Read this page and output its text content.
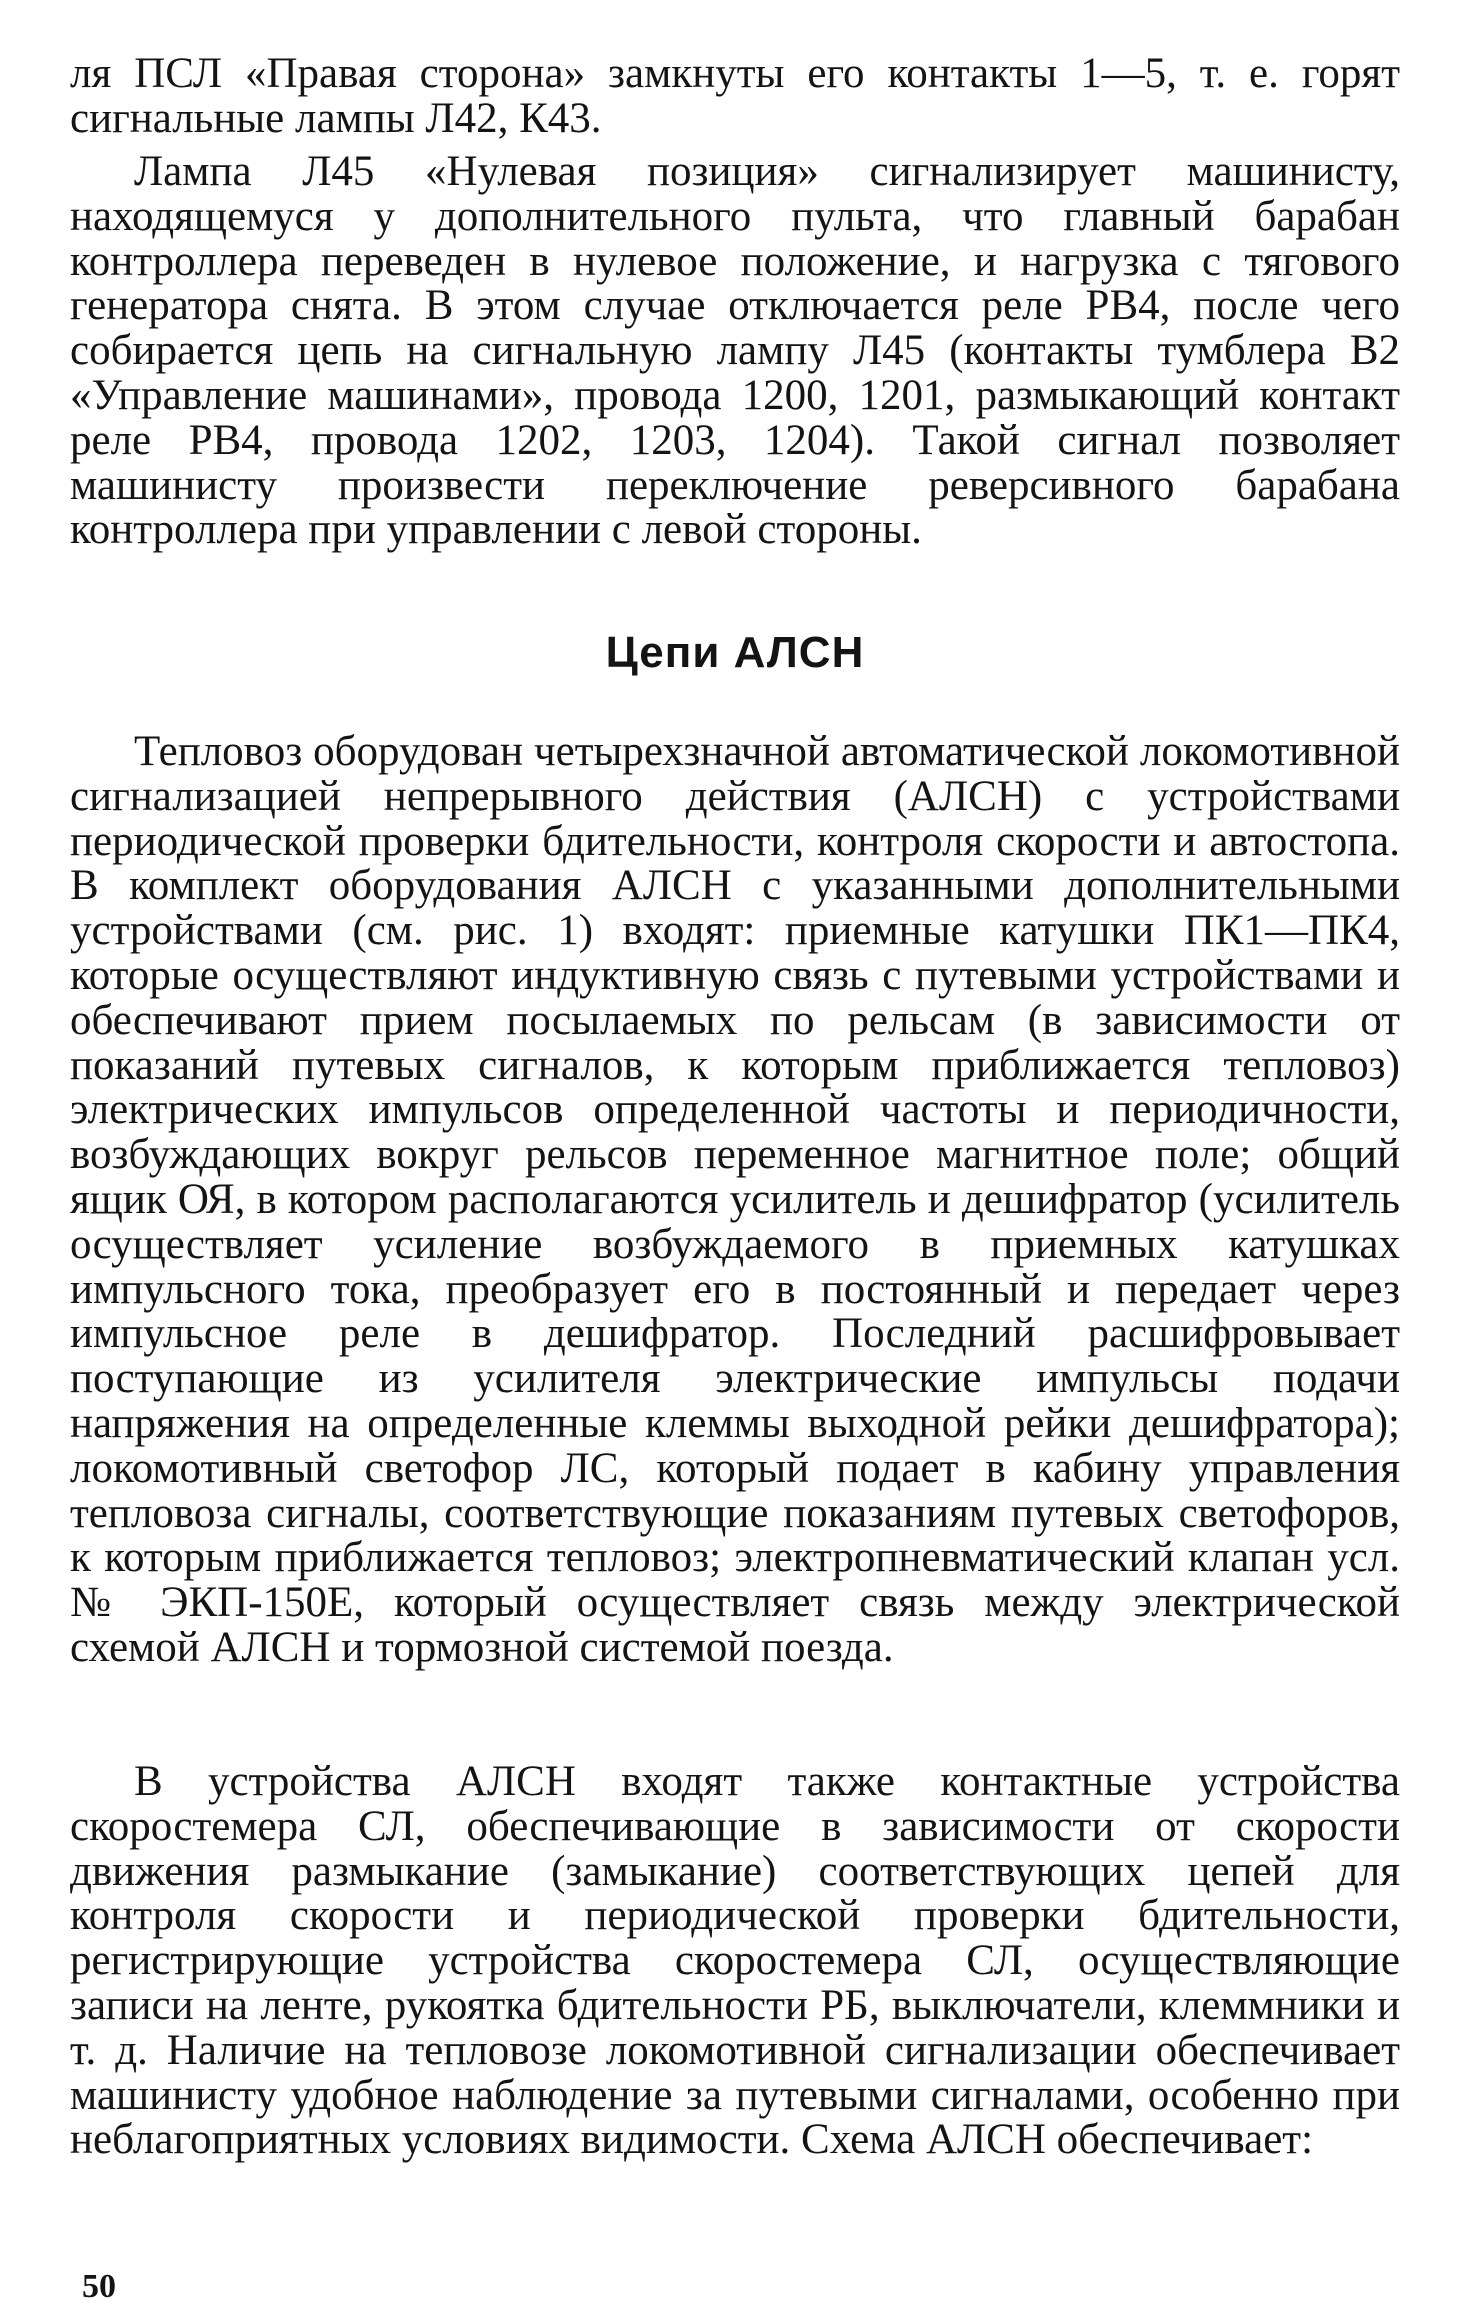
ля ПСЛ «Правая сторона» замкнуты его контакты 1—5, т. е. горят сигнальные лампы Л42, К43.

Лампа Л45 «Нулевая позиция» сигнализирует машинисту, находящемуся у дополнительного пульта, что главный барабан контроллера переведен в нулевое положение, и нагрузка с тягового генератора снята. В этом случае отключается реле РВ4, после чего собирается цепь на сигнальную лампу Л45 (контакты тумблера В2 «Управление машинами», провода 1200, 1201, размыкающий контакт реле РВ4, провода 1202, 1203, 1204). Такой сигнал позволяет машинисту произвести переключение реверсивного барабана контроллера при управлении с левой стороны.

Цепи АЛСН

Тепловоз оборудован четырехзначной автоматической локомотивной сигнализацией непрерывного действия (АЛСН) с устройствами периодической проверки бдительности, контроля скорости и автостопа. В комплект оборудования АЛСН с указанными дополнительными устройствами (см. рис. 1) входят: приемные катушки ПК1—ПК4, которые осуществляют индуктивную связь с путевыми устройствами и обеспечивают прием посылаемых по рельсам (в зависимости от показаний путевых сигналов, к которым приближается тепловоз) электрических импульсов определенной частоты и периодичности, возбуждающих вокруг рельсов переменное магнитное поле; общий ящик ОЯ, в котором располагаются усилитель и дешифратор (усилитель осуществляет усиление возбуждаемого в приемных катушках импульсного тока, преобразует его в постоянный и передает через импульсное реле в дешифратор. Последний расшифровывает поступающие из усилителя электрические импульсы подачи напряжения на определенные клеммы выходной рейки дешифратора); локомотивный светофор ЛС, который подает в кабину управления тепловоза сигналы, соответствующие показаниям путевых светофоров, к которым приближается тепловоз; электропневматический клапан усл. № ЭКП-150Е, который осуществляет связь между электрической схемой АЛСН и тормозной системой поезда.

В устройства АЛСН входят также контактные устройства скоростемера СЛ, обеспечивающие в зависимости от скорости движения размыкание (замыкание) соответствующих цепей для контроля скорости и периодической проверки бдительности, регистрирующие устройства скоростемера СЛ, осуществляющие записи на ленте, рукоятка бдительности РБ, выключатели, клеммники и т. д. Наличие на тепловозе локомотивной сигнализации обеспечивает машинисту удобное наблюдение за путевыми сигналами, особенно при неблагоприятных условиях видимости. Схема АЛСН обеспечивает:

50
